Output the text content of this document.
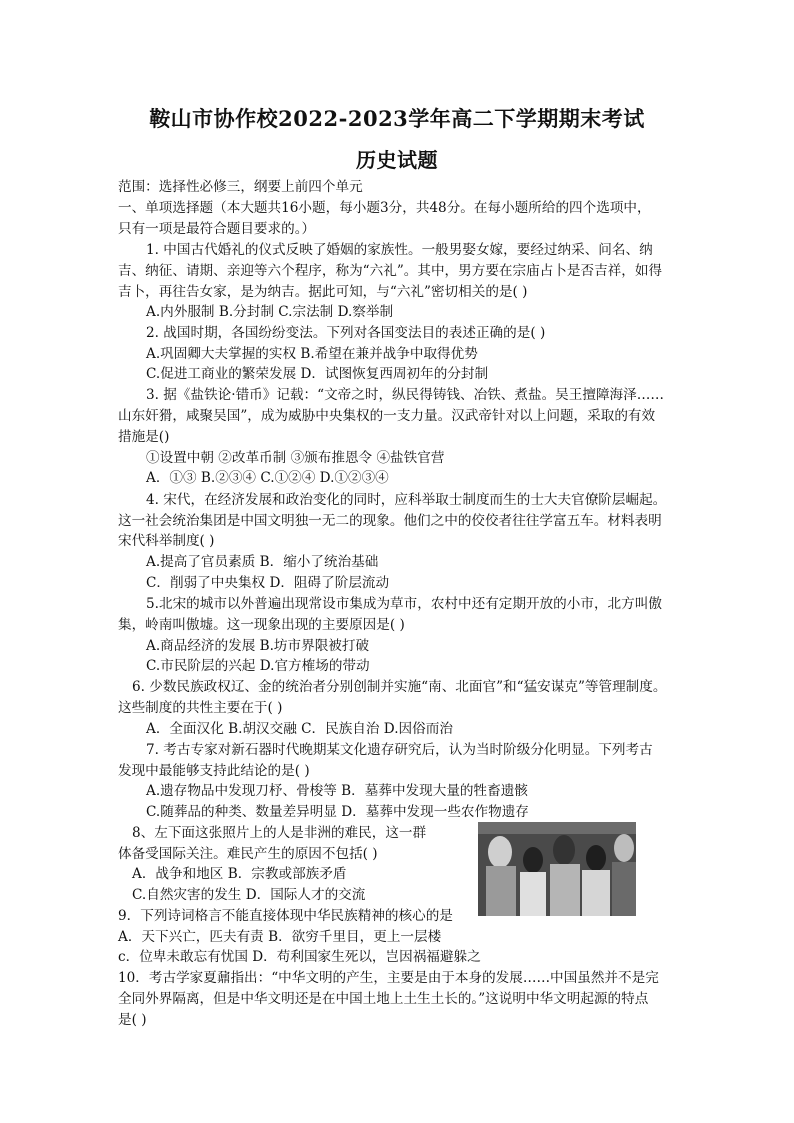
鞍山市协作校2022-2023学年高二下学期期末考试
历史试题
范围：选择性必修三，纲要上前四个单元
一、单项选择题（本大题共16小题，每小题3分，共48分。在每小题所给的四个选项中，
只有一项是最符合题目要求的。）
1. 中国古代婚礼的仪式反映了婚姻的家族性。一般男娶女嫁，要经过纳采、问名、纳
吉、纳征、请期、亲迎等六个程序，称为“六礼”。其中，男方要在宗庙占卜是否吉祥，如得
吉卜，再往告女家，是为纳吉。据此可知，与“六礼”密切相关的是( )
A.内外服制 B.分封制 C.宗法制 D.察举制
2. 战国时期，各国纷纷变法。下列对各国变法目的表述正确的是( )
A.巩固卿大夫掌握的实权 B.希望在兼并战争中取得优势
C.促进工商业的繁荣发展 D．试图恢复西周初年的分封制
3. 据《盐铁论·错币》记载：“文帝之时，纵民得铸钱、冶铁、煮盐。吴王擅障海泽……
山东奸猾，咸聚吴国”，成为威胁中央集权的一支力量。汉武帝针对以上问题，采取的有效
措施是()
①设置中朝 ②改革币制 ③颁布推恩令 ④盐铁官营
A．①③ B.②③④ C.①②④ D.①②③④
4. 宋代，在经济发展和政治变化的同时，应科举取士制度而生的士大夫官僚阶层崛起。
这一社会统治集团是中国文明独一无二的现象。他们之中的佼佼者往往学富五车。材料表明
宋代科举制度( )
A.提高了官员素质 B．缩小了统治基础
C．削弱了中央集权 D．阻碍了阶层流动
5.北宋的城市以外普遍出现常设市集成为草市，农村中还有定期开放的小市，北方叫傲
集，岭南叫傲墟。这一现象出现的主要原因是( )
A.商品经济的发展 B.坊市界限被打破
C.市民阶层的兴起 D.官方榷场的带动
6. 少数民族政权辽、金的统治者分别创制并实施“南、北面官”和“猛安谋克”等管理制度。
这些制度的共性主要在于( )
A．全面汉化 B.胡汉交融 C．民族自治 D.因俗而治
7. 考古专家对新石器时代晚期某文化遗存研究后，认为当时阶级分化明显。下列考古
发现中最能够支持此结论的是( )
A.遗存物品中发现刀杼、骨梭等 B．墓葬中发现大量的牲畜遗骸
C.随葬品的种类、数量差异明显 D．墓葬中发现一些农作物遗存
8、左下面这张照片上的人是非洲的难民，这一群
体备受国际关注。难民产生的原因不包括( )
A．战争和地区 B．宗教或部族矛盾
C.自然灾害的发生 D．国际人才的交流
9．下列诗词格言不能直接体现中华民族精神的核心的是
A．天下兴亡，匹夫有责 B．欲穷千里目，更上一层楼
c．位卑未敢忘有忧国 D．苟利国家生死以，岂因祸福避躲之
10．考古学家夏鼐指出：“中华文明的产生，主要是由于本身的发展……中国虽然并不是完
全同外界隔离，但是中华文明还是在中国土地上土生土长的。”这说明中华文明起源的特点
是( )
